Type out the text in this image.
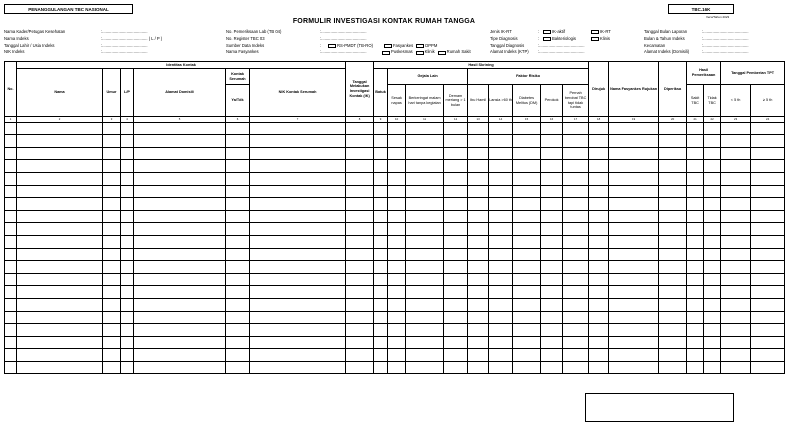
PENANGGULANGAN TBC NASIONAL	TBC.16K
Versi/Tahun 2023
FORMULIR INVESTIGASI KONTAK RUMAH TANGGA
Nama Kader/Petugas Kesehatan	:.......................................
Nama Indeks	:....................................... ( L / P )
Tanggal Lahir / Usia Indeks	:.......................................
NIK Indeks	:.......................................
No. Pemeriksaan Lab (TB 04)	:.......................................
No. Register TBC 03	:.......................................
Sumber Data Indeks	:	RS-PMDT (TB-RO)	Fasyankes	DPPM
Nama Fasyankes	:.......................................	Puskesmas	Klinik	Rumah Sakit
Jenis IK-RT	:	IK-aktif	IK-RT
Tipe Diagnosis	:	Bakteriologis	Klinis
Tanggal Diagnosis	:.......................................
Alamat Indeks (KTP)	:.......................................
Tanggal Bulan Laporan	:.......................................
Bulan & Tahun Indeks	:.......................................
Kecamatan	:.......................................
Alamat Indeks (Domisili)	:.......................................
No.	Identitas Kontak						Tanggal Melakukan Investigasi Kontak (IK)	Hasil Skrining									Dirujuk	Nama Fasyankes Rujukan	Diperiksa	Hasil Pemeriksaan		Tanggal Pemberian TPT	
	Nama	Umur	L/P	Alamat Domisili	Kontak Serumah	NIK Kontak Serumah		Batuk	Gejala Lain			Faktor Risiko											
					Ya/Tdk				Sesak napas	Berkeringat malam hari tanpa kegiatan	Demam meriang > 1 bulan	Ibu Hamil	Lansia >60 th	Diabetes Melitus (DM)	Perokok	Pernah berobat TBC tapi tidak tuntas				Sakit TBC	Tidak TBC	< 5 th	≥ 5 th
1	2	3	4	5	6	7	8	9	10	11	12	13	14	15	16	17	18	19	20	21	22	23	24
